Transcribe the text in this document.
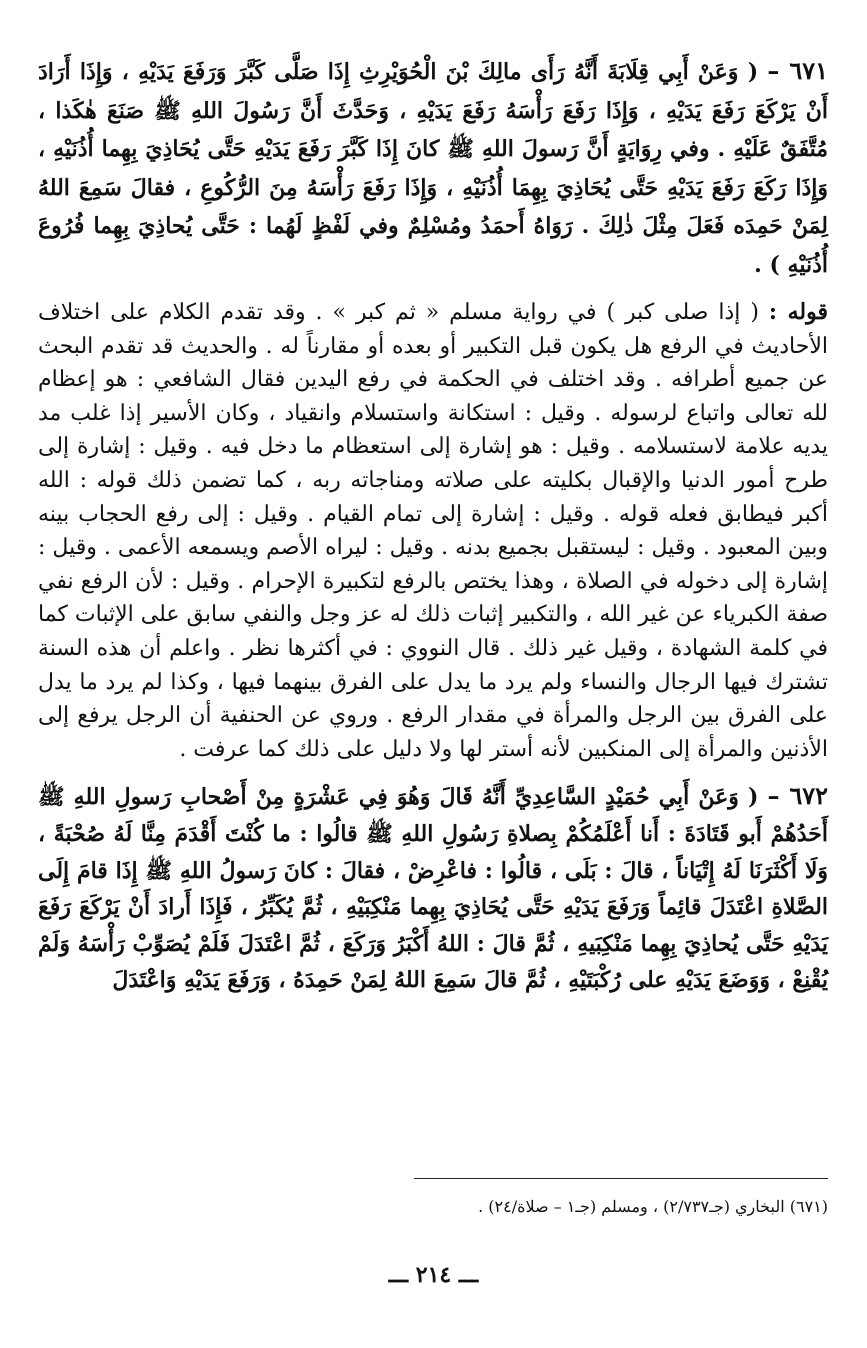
٦٧١ – ( وَعَنْ أَبِي قِلَابَةَ أَنَّهُ رَأَى مالِكَ بْنَ الْحُوَيْرِثِ إِذَا صَلَّى كَبَّرَ وَرَفَعَ يَدَيْهِ ، وَإِذَا أَرَادَ أَنْ يَرْكَعَ رَفَعَ يَدَيْهِ ، وَإِذَا رَفَعَ رَأْسَهُ رَفَعَ يَدَيْهِ ، وَحَدَّثَ أَنَّ رَسُولَ اللهِ ﷺ صَنَعَ هٰكَذا ، مُتَّفَقٌ عَلَيْهِ . وفي رِوَايَةٍ أَنَّ رَسولَ اللهِ ﷺ كانَ إِذَا كَبَّرَ رَفَعَ يَدَيْهِ حَتَّى يُحَاذِيَ بِهِما أُذُنَيْهِ ، وَإِذَا رَكَعَ رَفَعَ يَدَيْهِ حَتَّى يُحَاذِيَ بِهِمَا أُذُنَيْهِ ، وَإِذَا رَفَعَ رَأْسَهُ مِنَ الرُّكُوعِ ، فقالَ سَمِعَ اللهُ لِمَنْ حَمِدَه فَعَلَ مِثْلَ ذٰلِكَ . رَوَاهُ أَحمَدُ ومُسْلِمٌ وفي لَفْظٍ لَهُما : حَتَّى يُحاذِيَ بِهِما فُرُوعَ أُذُنَيْهِ ) .

قوله : ( إذا صلى كبر ) في رواية مسلم « ثم كبر » . وقد تقدم الكلام على اختلاف الأحاديث في الرفع هل يكون قبل التكبير أو بعده أو مقارناً له . والحديث قد تقدم البحث عن جميع أطرافه . وقد اختلف في الحكمة في رفع اليدين فقال الشافعي : هو إعظام لله تعالى واتباع لرسوله . وقيل : استكانة واستسلام وانقياد ، وكان الأسير إذا غلب مد يديه علامة لاستسلامه . وقيل : هو إشارة إلى استعظام ما دخل فيه . وقيل : إشارة إلى طرح أمور الدنيا والإقبال بكليته على صلاته ومناجاته ربه ، كما تضمن ذلك قوله : الله أكبر فيطابق فعله قوله . وقيل : إشارة إلى تمام القيام . وقيل : إلى رفع الحجاب بينه وبين المعبود . وقيل : ليستقبل بجميع بدنه . وقيل : ليراه الأصم ويسمعه الأعمى . وقيل : إشارة إلى دخوله في الصلاة ، وهذا يختص بالرفع لتكبيرة الإحرام . وقيل : لأن الرفع نفي صفة الكبرياء عن غير الله ، والتكبير إثبات ذلك له عز وجل والنفي سابق على الإثبات كما في كلمة الشهادة ، وقيل غير ذلك . قال النووي : في أكثرها نظر . واعلم أن هذه السنة تشترك فيها الرجال والنساء ولم يرد ما يدل على الفرق بينهما فيها ، وكذا لم يرد ما يدل على الفرق بين الرجل والمرأة في مقدار الرفع . وروي عن الحنفية أن الرجل يرفع إلى الأذنين والمرأة إلى المنكبين لأنه أستر لها ولا دليل على ذلك كما عرفت .

٦٧٢ – ( وَعَنْ أَبِي حُمَيْدٍ السَّاعِدِيِّ أَنَّهُ قَالَ وَهُوَ فِي عَشْرَةٍ مِنْ أَصْحابِ رَسولِ اللهِ ﷺ أَحَدُهُمْ أَبو قَتَادَةَ : أَنا أَعْلَمُكُمْ بِصلاةِ رَسُولِ اللهِ ﷺ قالُوا : ما كُنْتَ أَقْدَمَ مِنَّا لَهُ صُحْبَةً ، وَلَا أَكْثَرَنَا لَهُ إِتْيَاناً ، قالَ : بَلَى ، قالُوا : فاعْرِضْ ، فقالَ : كانَ رَسولُ اللهِ ﷺ إِذَا قامَ إِلَى الصَّلاةِ اعْتَدَلَ قائِماً وَرَفَعَ يَدَيْهِ حَتَّى يُحَاذِيَ بِهِما مَنْكِبَيْهِ ، ثُمَّ يُكَبِّرُ ، فَإِذَا أَرادَ أَنْ يَرْكَعَ رَفَعَ يَدَيْهِ حَتَّى يُحاذِيَ بِهِما مَنْكِبَيهِ ، ثُمَّ قالَ : اللهُ أَكْبَرُ وَرَكَعَ ، ثُمَّ اعْتَدَلَ فَلَمْ يُصَوِّبْ رَأْسَهُ وَلَمْ يُقْنِعْ ، وَوَضَعَ يَدَيْهِ على رُكْبَتَيْهِ ، ثُمَّ قالَ سَمِعَ اللهُ لِمَنْ حَمِدَهُ ، وَرَفَعَ يَدَيْهِ وَاعْتَدَلَ

(٦٧١) البخاري (جـ٢/٧٣٧) ، ومسلم (جـ١ – صلاة/٢٤) .
ـــ ٢١٤ ـــ
